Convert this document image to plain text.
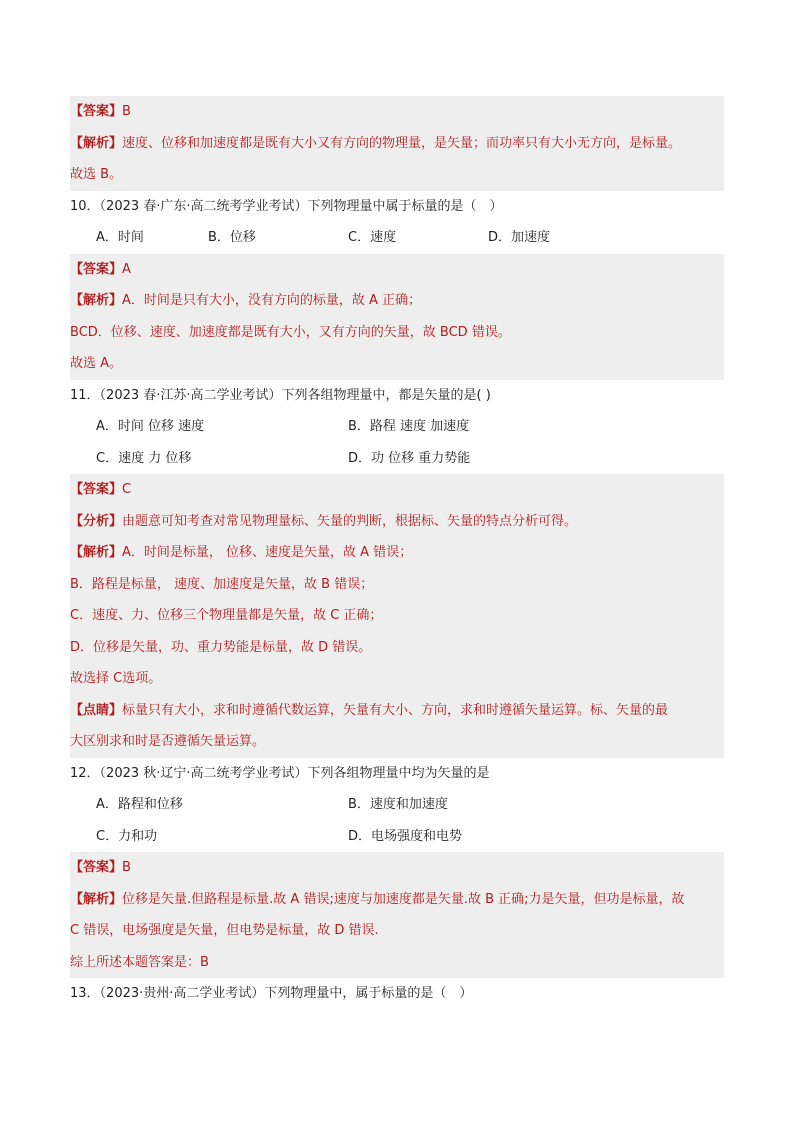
【答案】B
【解析】速度、位移和加速度都是既有大小又有方向的物理量，是矢量；而功率只有大小无方向，是标量。
故选 B。
10．（2023 春·广东·高二统考学业考试）下列物理量中属于标量的是（　）
A．时间	B．位移	C．速度	D．加速度
【答案】A
【解析】A．时间是只有大小，没有方向的标量，故 A 正确；
BCD．位移、速度、加速度都是既有大小，又有方向的矢量，故 BCD 错误。
故选 A。
11．（2023 春·江苏·高二学业考试）下列各组物理量中，都是矢量的是( )
A．时间 位移 速度	B．路程 速度 加速度
C．速度 力 位移	D．功 位移 重力势能
【答案】C
【分析】由题意可知考查对常见物理量标、矢量的判断，根据标、矢量的特点分析可得。
【解析】A．时间是标量， 位移、速度是矢量，故 A 错误；
B．路程是标量， 速度、加速度是矢量，故 B 错误；
C．速度、力、位移三个物理量都是矢量，故 C 正确；
D．位移是矢量，功、重力势能是标量，故 D 错误。
故选择 C选项。
【点睛】标量只有大小，求和时遵循代数运算，矢量有大小、方向，求和时遵循矢量运算。标、矢量的最
大区别求和时是否遵循矢量运算。
12．（2023 秋·辽宁·高二统考学业考试）下列各组物理量中均为矢量的是
A．路程和位移	B．速度和加速度
C．力和功	D．电场强度和电势
【答案】B
【解析】位移是矢量.但路程是标量.故 A 错误;速度与加速度都是矢量.故 B 正确;力是矢量，但功是标量，故
C 错误，电场强度是矢量，但电势是标量，故 D 错误.
综上所述本题答案是：B
13．（2023·贵州·高二学业考试）下列物理量中，属于标量的是（　）
